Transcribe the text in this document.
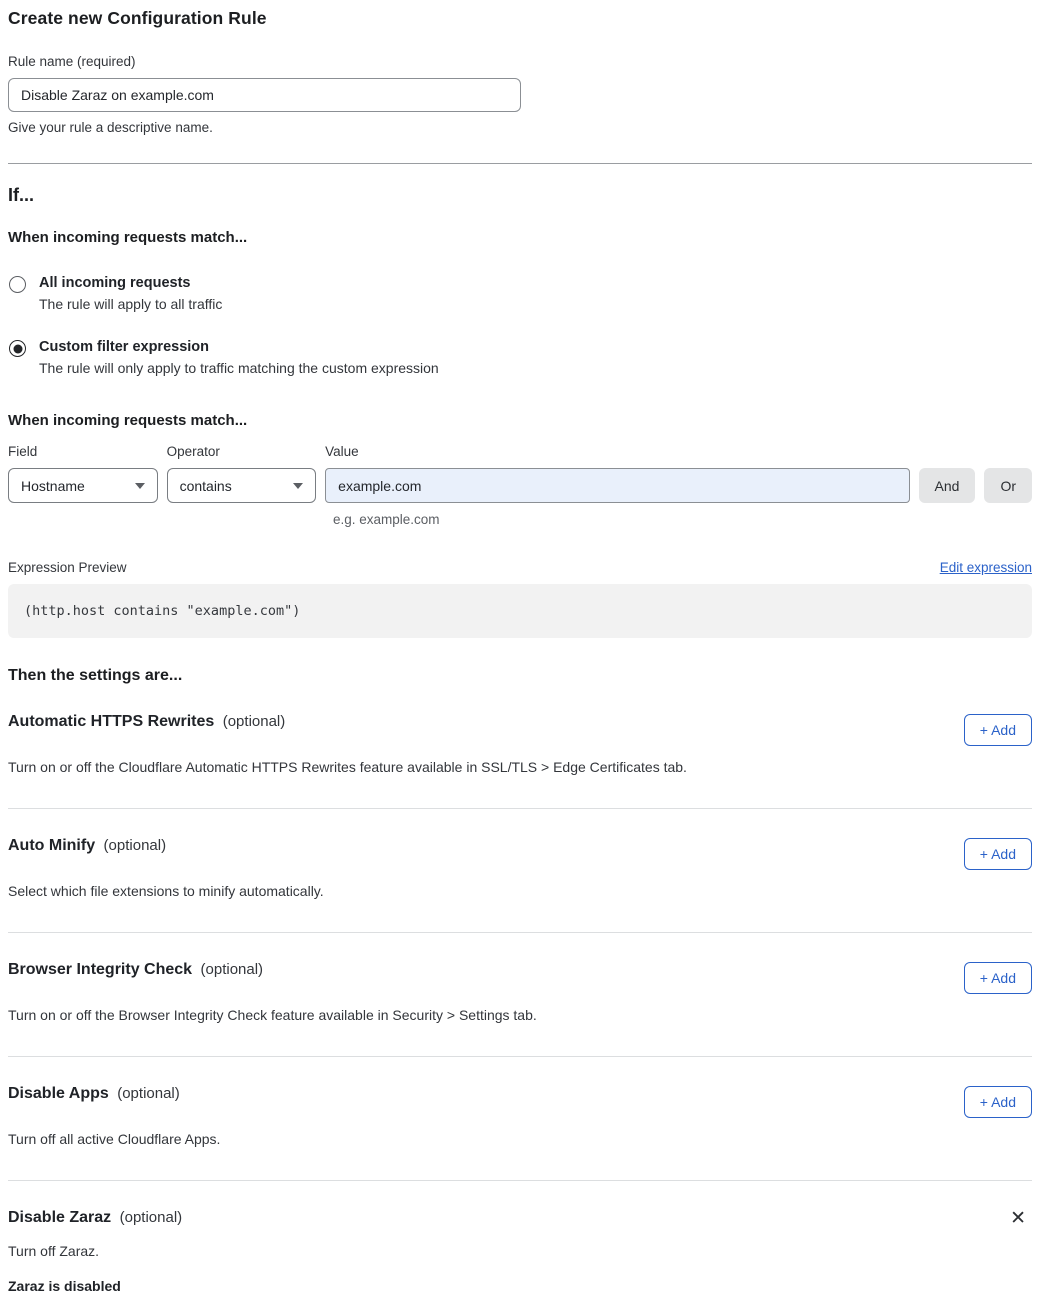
Create new Configuration Rule
Rule name (required)
Disable Zaraz on example.com
Give your rule a descriptive name.
If...
When incoming requests match...
All incoming requests
The rule will apply to all traffic
Custom filter expression
The rule will only apply to traffic matching the custom expression
When incoming requests match...
Field
Hostname
Operator
contains
Value
example.com
And	Or
e.g. example.com
Expression Preview	Edit expression
(http.host contains "example.com")
Then the settings are...
Automatic HTTPS Rewrites (optional)	+ Add

Turn on or off the Cloudflare Automatic HTTPS Rewrites feature available in SSL/TLS > Edge Certificates tab.

Auto Minify (optional)	+ Add

Select which file extensions to minify automatically.

Browser Integrity Check (optional)	+ Add

Turn on or off the Browser Integrity Check feature available in Security > Settings tab.

Disable Apps (optional)	+ Add

Turn off all active Cloudflare Apps.

Disable Zaraz (optional)	✕

Turn off Zaraz.

Zaraz is disabled
